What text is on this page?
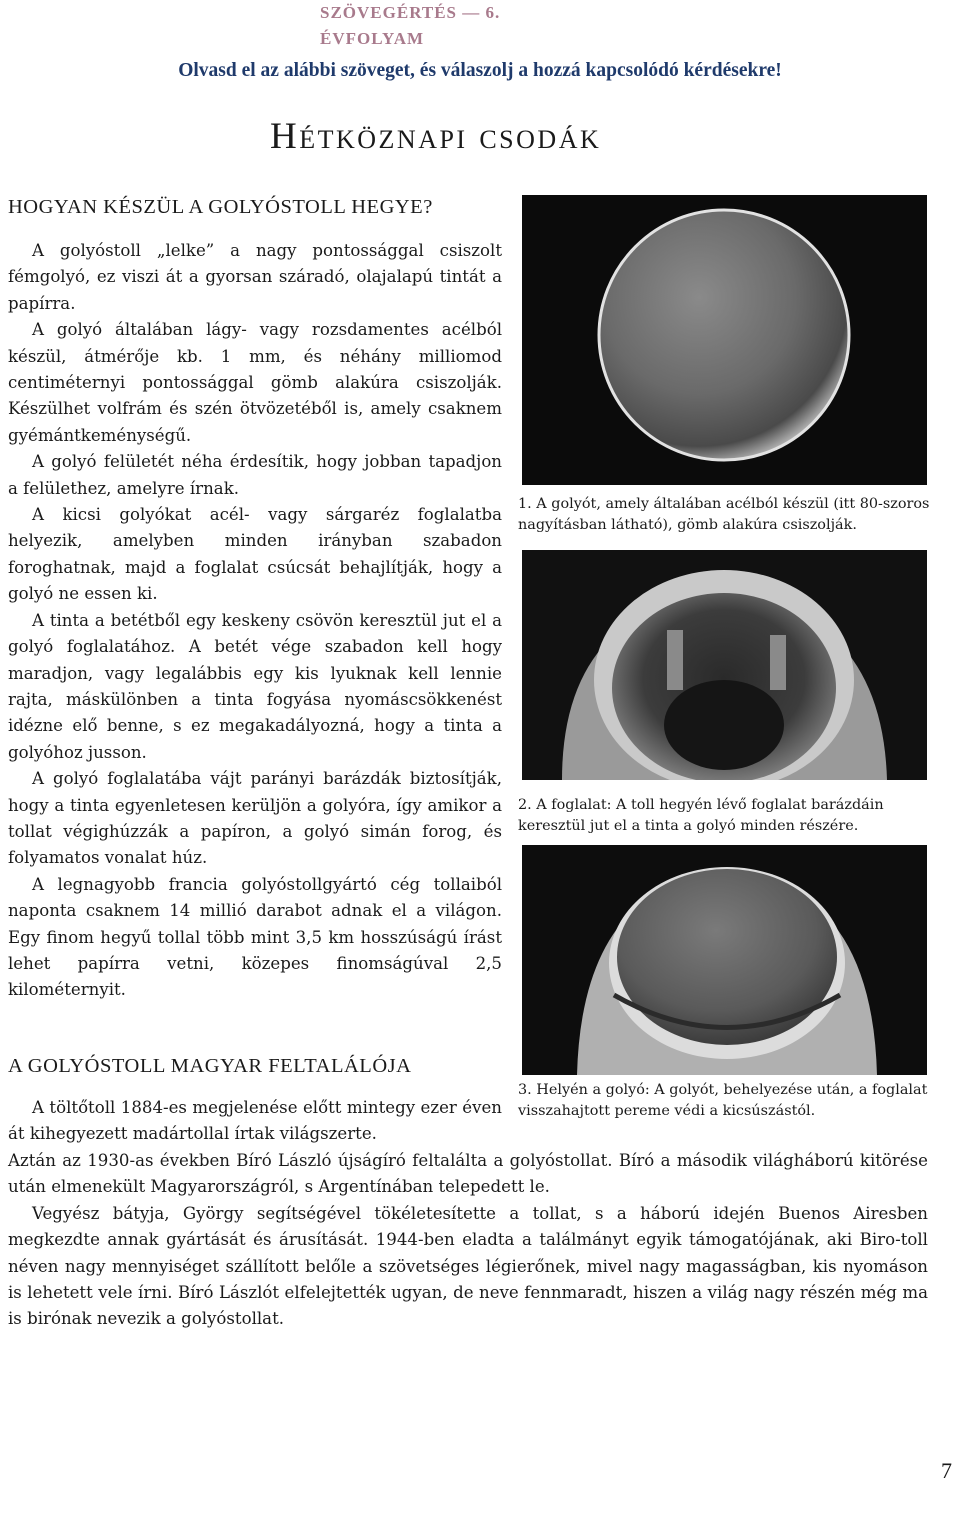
SZÖVEGÉRTÉS — 6. ÉVFOLYAM
Olvasd el az alábbi szöveget, és válaszolj a hozzá kapcsolódó kérdésekre!
Hétköznapi csodák
HOGYAN KÉSZÜL A GOLYÓSTOLL HEGYE?

A golyóstoll „lelke” a nagy pontossággal csiszolt fémgolyó, ez viszi át a gyorsan száradó, olajalapú tintát a papírra.

A golyó általában lágy- vagy rozsdamentes acélból készül, átmérője kb. 1 mm, és néhány milliomod centiméternyi pontossággal gömb alakúra csiszolják. Készülhet volfrám és szén ötvözetéből is, amely csaknem gyémántkeménységű.

A golyó felületét néha érdesítik, hogy jobban tapadjon a felülethez, amelyre írnak.

A kicsi golyókat acél- vagy sárgaréz foglalatba helyezik, amelyben minden irányban szabadon foroghatnak, majd a foglalat csúcsát behajlítják, hogy a golyó ne essen ki.

A tinta a betétből egy keskeny csövön keresztül jut el a golyó foglalatához. A betét vége szabadon kell hogy maradjon, vagy legalábbis egy kis lyuknak kell lennie rajta, máskülönben a tinta fogyása nyomáscsökkenést idézne elő benne, s ez megakadályozná, hogy a tinta a golyóhoz jusson.

A golyó foglalatába vájt parányi barázdák biztosítják, hogy a tinta egyenletesen kerüljön a golyóra, így amikor a tollat végighúzzák a papíron, a golyó simán forog, és folyamatos vonalat húz.

A legnagyobb francia golyóstollgyártó cég tollaiból naponta csaknem 14 millió darabot adnak el a világon. Egy finom hegyű tollal több mint 3,5 km hosszúságú írást lehet papírra vetni, közepes finomságúval 2,5 kilométernyit.

1. A golyót, amely általában acélból készül (itt 80-szoros nagyításban látható), gömb alakúra csiszolják.
2. A foglalat: A toll hegyén lévő foglalat barázdáin keresztül jut el a tinta a golyó minden részére.
3. Helyén a golyó: A golyót, behelyezése után, a foglalat visszahajtott pereme védi a kicsúszástól.
A GOLYÓSTOLL MAGYAR FELTALÁLÓJA

A töltőtoll 1884-es megjelenése előtt mintegy ezer éven át kihegyezett madártollal írtak világszerte.

Aztán az 1930-as években Bíró László újságíró feltalálta a golyóstollat. Bíró a második világháború kitörése után elmenekült Magyarországról, s Argentínában telepedett le.

Vegyész bátyja, György segítségével tökéletesítette a tollat, s a háború idején Buenos Airesben megkezdte annak gyártását és árusítását. 1944-ben eladta a találmányt egyik támogatójának, aki Biro-toll néven nagy mennyiséget szállított belőle a szövetséges légierőnek, mivel nagy magasságban, kis nyomáson is lehetett vele írni. Bíró Lászlót elfelejtették ugyan, de neve fennmaradt, hiszen a világ nagy részén még ma is birónak nevezik a golyóstollat.

7
